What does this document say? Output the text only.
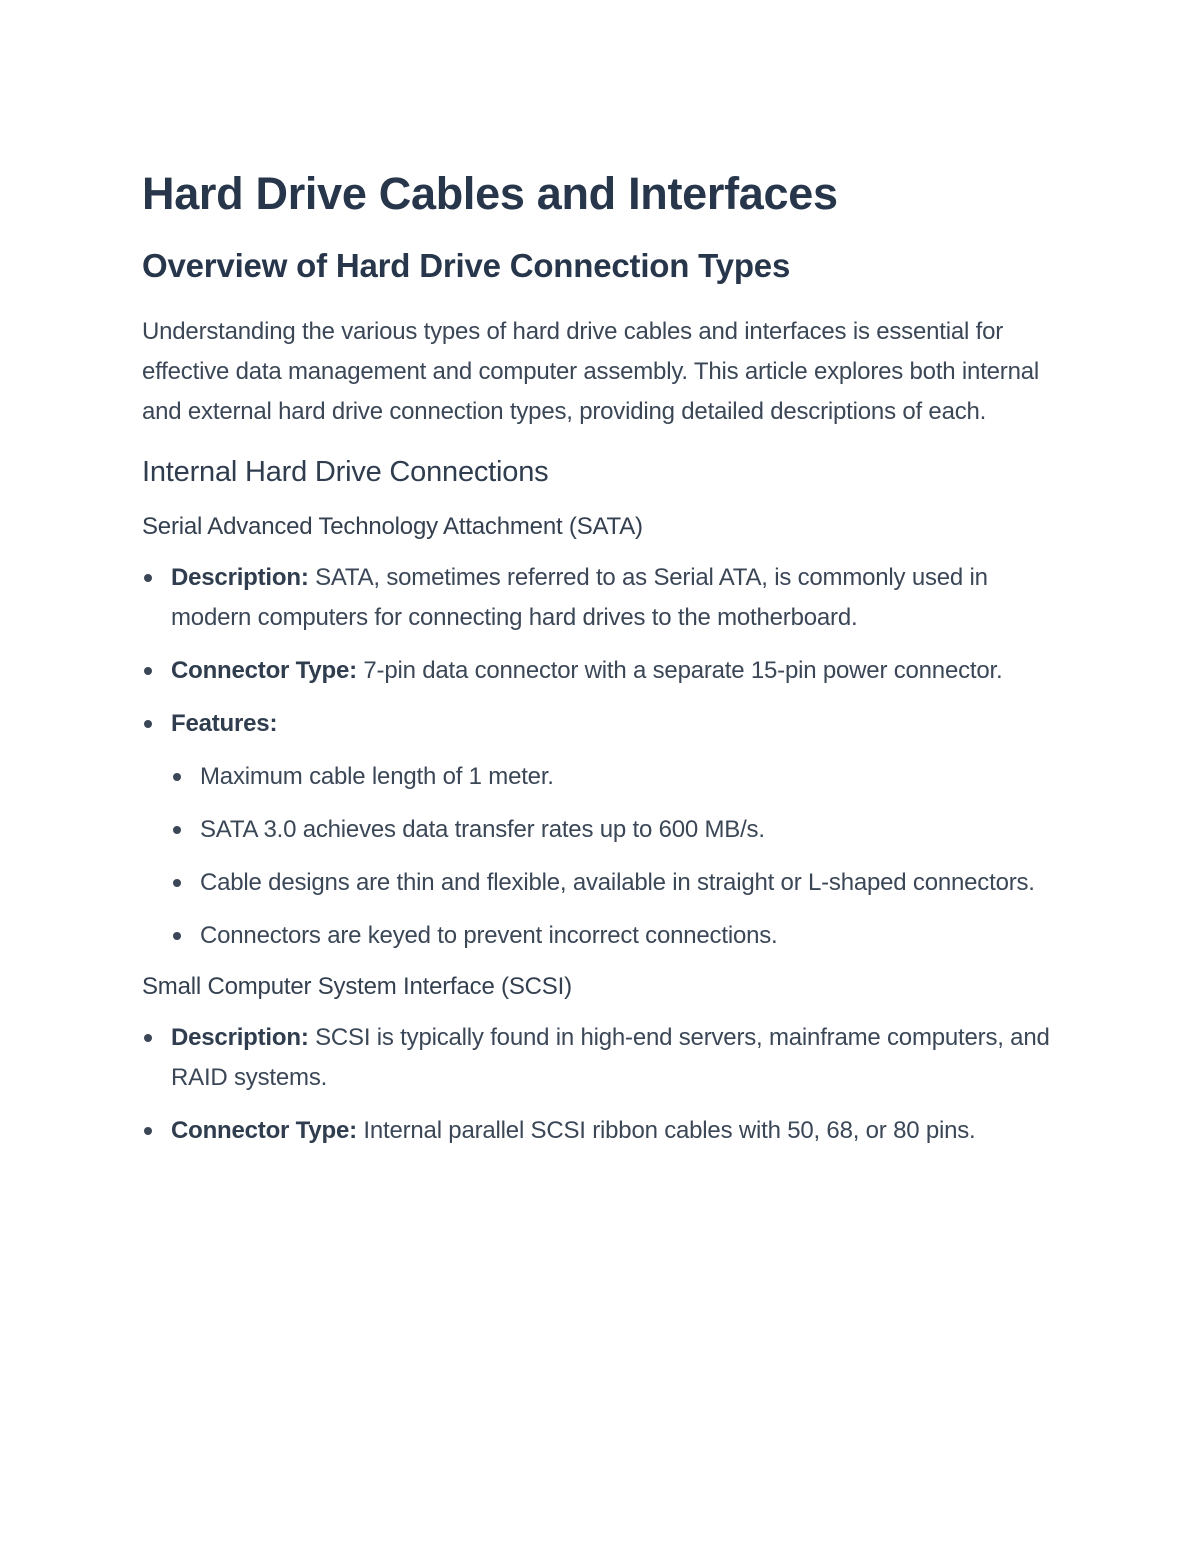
Hard Drive Cables and Interfaces
Overview of Hard Drive Connection Types

Understanding the various types of hard drive cables and interfaces is essential for effective data management and computer assembly. This article explores both internal and external hard drive connection types, providing detailed descriptions of each.

Internal Hard Drive Connections
Serial Advanced Technology Attachment (SATA)
Description: SATA, sometimes referred to as Serial ATA, is commonly used in modern computers for connecting hard drives to the motherboard.
Connector Type: 7-pin data connector with a separate 15-pin power connector.
Features:
Maximum cable length of 1 meter.
SATA 3.0 achieves data transfer rates up to 600 MB/s.
Cable designs are thin and flexible, available in straight or L-shaped connectors.
Connectors are keyed to prevent incorrect connections.
Small Computer System Interface (SCSI)
Description: SCSI is typically found in high-end servers, mainframe computers, and RAID systems.
Connector Type: Internal parallel SCSI ribbon cables with 50, 68, or 80 pins.
